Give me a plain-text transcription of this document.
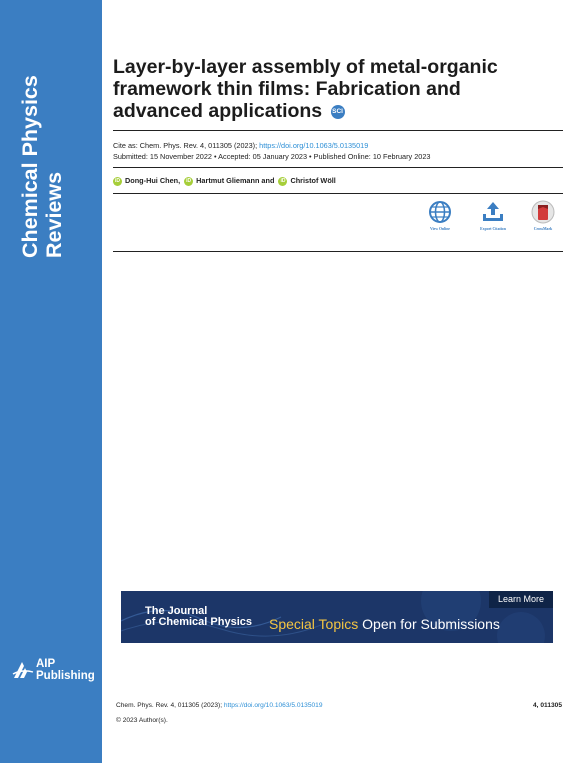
Chemical Physics Reviews
AIP
Publishing
Layer-by-layer assembly of metal-organic framework thin films: Fabrication and advanced applications SCI
Cite as: Chem. Phys. Rev. 4, 011305 (2023); https://doi.org/10.1063/5.0135019
Submitted: 15 November 2022 • Accepted: 05 January 2023 • Published Online: 10 February 2023
iD Dong-Hui Chen, iD Hartmut Gliemann and iD Christof Wöll
View Online	Export Citation	CrossMark
The Journal
of Chemical Physics Special Topics Open for Submissions
Learn More
Chem. Phys. Rev. 4, 011305 (2023); https://doi.org/10.1063/5.0135019	4, 011305
© 2023 Author(s).
